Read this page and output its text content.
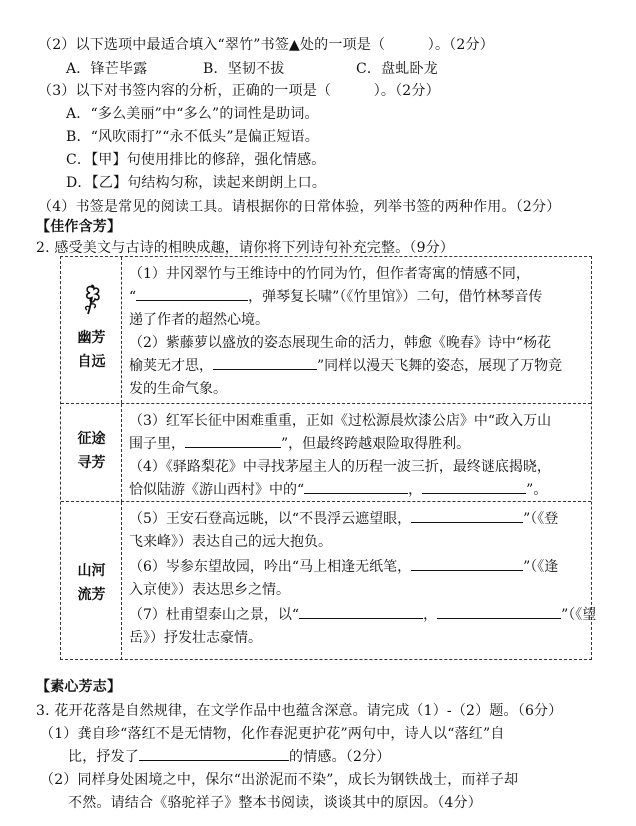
（2）以下选项中最适合填入“翠竹”书签▲处的一项是（　　　）。（2分）
A．锋芒毕露	B．坚韧不拔	C．盘虬卧龙
（3）以下对书签内容的分析，正确的一项是（　　　）。（2分）
A．“多么美丽”中“多么”的词性是助词。
B．“风吹雨打”“永不低头”是偏正短语。
C．【甲】句使用排比的修辞，强化情感。
D．【乙】句结构匀称，读起来朗朗上口。
（4）书签是常见的阅读工具。请根据你的日常体验，列举书签的两种作用。（2分）
【佳作含芳】
2. 感受美文与古诗的相映成趣，请你将下列诗句补充完整。（9分）
幽芳
自远
（1）井冈翠竹与王维诗中的竹同为竹，但作者寄寓的情感不同，
“	，弹琴复长啸”（《竹里馆》）二句，借竹林琴音传
递了作者的超然心境。
（2）紫藤萝以盛放的姿态展现生命的活力，韩愈《晚春》诗中“杨花
榆荚无才思，	”同样以漫天飞舞的姿态，展现了万物竞
发的生命气象。
征途
寻芳
（3）红军长征中困难重重，正如《过松源晨炊漆公店》中“政入万山
围子里，	”，但最终跨越艰险取得胜利。
（4）《驿路梨花》中寻找茅屋主人的历程一波三折，最终谜底揭晓，
恰似陆游《游山西村》中的“	，	”。
山河
流芳
（5）王安石登高远眺，以“不畏浮云遮望眼，	”（《登
飞来峰》）表达自己的远大抱负。
（6）岑参东望故园，吟出“马上相逢无纸笔，	”（《逢
入京使》）表达思乡之情。
（7）杜甫望泰山之景，以“	，	”（《望
岳》）抒发壮志豪情。
【素心芳志】
3. 花开花落是自然规律，在文学作品中也蕴含深意。请完成（1）-（2）题。（6分）
（1）龚自珍“落红不是无情物，化作春泥更护花”两句中，诗人以“落红”自
比，抒发了	的情感。（2分）
（2）同样身处困境之中，保尔“出淤泥而不染”，成长为钢铁战士，而祥子却
不然。请结合《骆驼祥子》整本书阅读，谈谈其中的原因。（4分）
